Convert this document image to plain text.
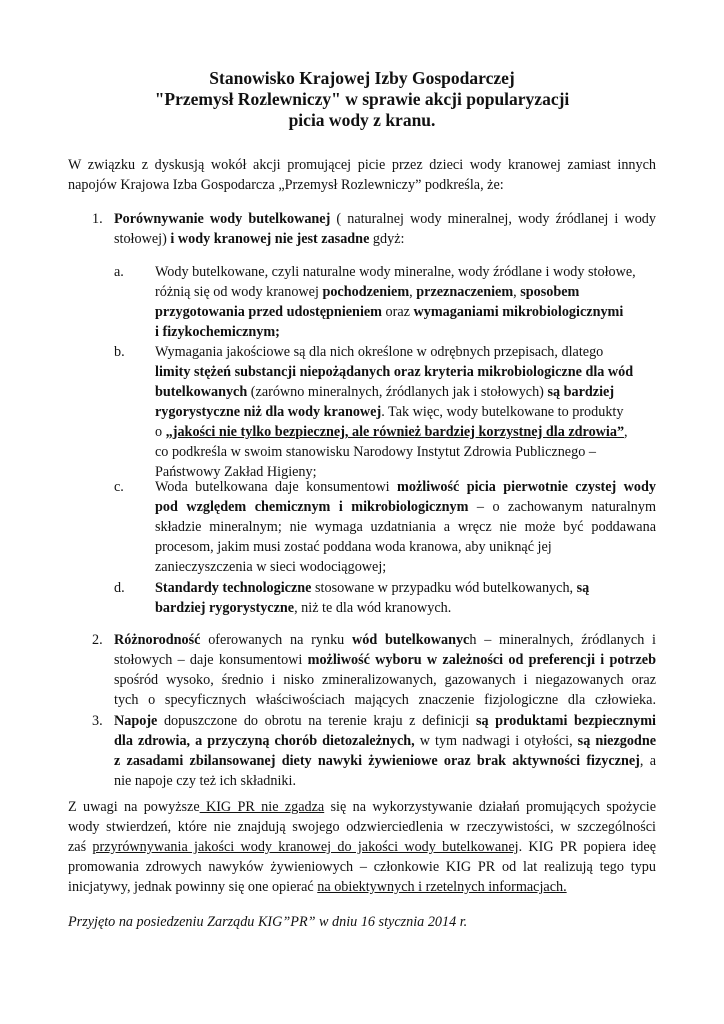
Stanowisko Krajowej Izby Gospodarczej
"Przemysł Rozlewniczy" w sprawie akcji popularyzacji
picia wody z kranu.
W związku z dyskusją wokół akcji promującej picie przez dzieci wody kranowej zamiast innych
napojów Krajowa Izba Gospodarcza „Przemysł Rozlewniczy” podkreśla, że:
1. Porównywanie wody butelkowanej ( naturalnej wody mineralnej, wody źródlanej i wody
stołowej) i wody kranowej nie jest zasadne gdyż:
a. Wody butelkowane, czyli naturalne wody mineralne, wody źródlane i wody stołowe,
różnią się od wody kranowej pochodzeniem, przeznaczeniem, sposobem
przygotowania przed udostępnieniem oraz wymaganiami mikrobiologicznymi
i fizykochemicznym;
b. Wymagania jakościowe są dla nich określone w odrębnych przepisach, dlatego
limity stężeń substancji niepożądanych oraz kryteria mikrobiologiczne dla wód
butelkowanych (zarówno mineralnych, źródlanych jak i stołowych) są bardziej
rygorystyczne niż dla wody kranowej. Tak więc, wody butelkowane to produkty
o „jakości nie tylko bezpiecznej, ale również bardziej korzystnej dla zdrowia”,
co podkreśla w swoim stanowisku Narodowy Instytut Zdrowia Publicznego –
Państwowy Zakład Higieny;
c. Woda butelkowana daje konsumentowi możliwość picia pierwotnie czystej wody
pod względem chemicznym i mikrobiologicznym – o zachowanym naturalnym
składzie mineralnym; nie wymaga uzdatniania a wręcz nie może być poddawana
procesom, jakim musi zostać poddana woda kranowa, aby uniknąć jej
zanieczyszczenia w sieci wodociągowej;
d. Standardy technologiczne stosowane w przypadku wód butelkowanych, są
bardziej rygorystyczne, niż te dla wód kranowych.
2. Różnorodność oferowanych na rynku wód butelkowanych – mineralnych, źródlanych i
stołowych – daje konsumentowi możliwość wyboru w zależności od preferencji i potrzeb
spośród wysoko, średnio i nisko zmineralizowanych, gazowanych i niegazowanych oraz
tych o specyficznych właściwościach mających znaczenie fizjologiczne dla człowieka.
3. Napoje dopuszczone do obrotu na terenie kraju z definicji są produktami bezpiecznymi
dla zdrowia, a przyczyną chorób dietozależnych, w tym nadwagi i otyłości, są niezgodne
z zasadami zbilansowanej diety nawyki żywieniowe oraz brak aktywności fizycznej, a
nie napoje czy też ich składniki.
Z uwagi na powyższe KIG PR nie zgadza się na wykorzystywanie działań promujących spożycie
wody stwierdzeń, które nie znajdują swojego odzwierciedlenia w rzeczywistości, w szczególności
zaś przyrównywania jakości wody kranowej do jakości wody butelkowanej. KIG PR popiera ideę
promowania zdrowych nawyków żywieniowych – członkowie KIG PR od lat realizują tego typu
inicjatywy, jednak powinny się one opierać na obiektywnych i rzetelnych informacjach.
Przyjęto na posiedzeniu Zarządu KIG”PR” w dniu 16 stycznia 2014 r.
